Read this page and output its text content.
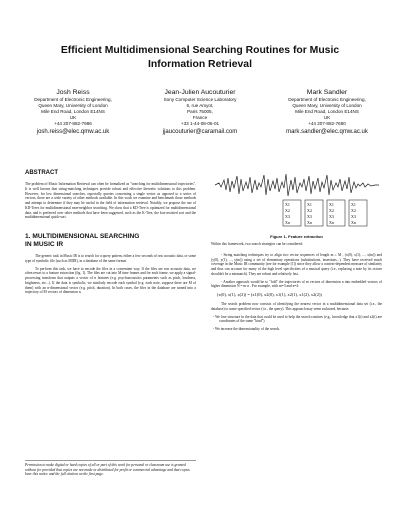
Efficient Multidimensional Searching Routines for Music
Information Retrieval
Josh Reiss
Department of Electronic Engineering,
Queen Mary, University of London
Mile End Road, London E14NS
UK
+44 207-882-7986
josh.reiss@elec.qmw.ac.uk
Jean-Julien Aucouturier
Sony Computer Science Laboratory
6, rue Amyot,
Paris 75005,
France
+33 1-44-08-05-01
jjaucouturier@caramail.com
Mark Sandler
Department of Electronic Engineering,
Queen Mary, University of London
Mile End Road, London E14NS
UK
+44 207-882-7680
mark.sandler@elec.qmw.ac.uk
ABSTRACT

The problem of Music Information Retrieval can often be formalized as "searching for multidimensional trajectories". It is well known that string-matching techniques provide robust and effective theoretic solutions to this problem. However, for low dimensional searches, especially queries concerning a single vector as opposed to a series of vectors, there are a wide variety of other methods available. In this work we examine and benchmark those methods and attempt to determine if they may be useful in the field of information retrieval. Notably, we propose the use of KD-Trees for multidimensional near-neighbor searching. We show that a KD-Tree is optimized for multidimensional data, and is preferred over other methods that have been suggested, such as the K-Tree, the box-assisted sort and the multidimensional quick-sort.

1. MULTIDIMENSIONAL SEARCHING
IN MUSIC IR

The generic task in Music IR is to search for a query pattern, either a few seconds of raw acoustic data, or some type of symbolic file (such as MIDI), in a database of the same format.

To perform this task, we have to encode the files in a convenient way. If the files are raw acoustic data, we often resort to a feature extraction (fig. 1). The files are cut into M time frames and for each frame, we apply a signal-processing transform that outputs a vector of n features (e.g. psychoacoustics parameters such as pitch, loudness, brightness, etc...). If the data is symbolic, we similarly encode each symbol (e.g. each note, suppose there are M of them) with an n-dimensional vector (e.g. pitch, duration). In both cases, the files in the database are turned into a trajectory of M vectors of dimension n.

Permission to make digital or hard copies of all or part of this work for personal or classroom use is granted without fee provided that copies are not made or distributed for profit or commercial advantage and that copies bear this notice and the full citation on the first page.
X1
X2
X3
Xn
X1
X2
X3
Xn
X1
X2
X3
Xn
X1
X2
X3
Xn
Figure 1- Feature extraction

Within this framework, two search strategies can be considered:

- String matching techniques try to align two vector sequences of length m ≤ M , (x(0), x(1), ..., x(m)) and (y(0), y(1), ..., y(m)) using a set of elementary operations (substitutions, insertions...). They have received much coverage in the Music IR community (see for example [1]) since they allow a context-dependent measure of similarity and thus can account for many of the high level specificities of a musical query (i.e., replacing a note by its octave shouldn't be a mismatch). They are robust and relatively fast.

- Another approach would be to "fold" the trajectories of m vectors of dimension n into embedded vectors of higher dimension N = m·n . For example, with m=3 and n=2:

(x(0), x(1), x(2)) = (x1(0), x2(0), x1(1), x2(1), x1(2), x2(2))

The search problem now consists of identifying the nearest vector in a multidimensional data set (i.e., the database) to some specified vector (i.e., the query). This approach may seem awkward, because:

- We lose structure in the data that could be used to help the search routines (e.g., knowledge that x1(t) and x2(t) are coordinates of the same "kind").

- We increase the dimensionality of the search.
